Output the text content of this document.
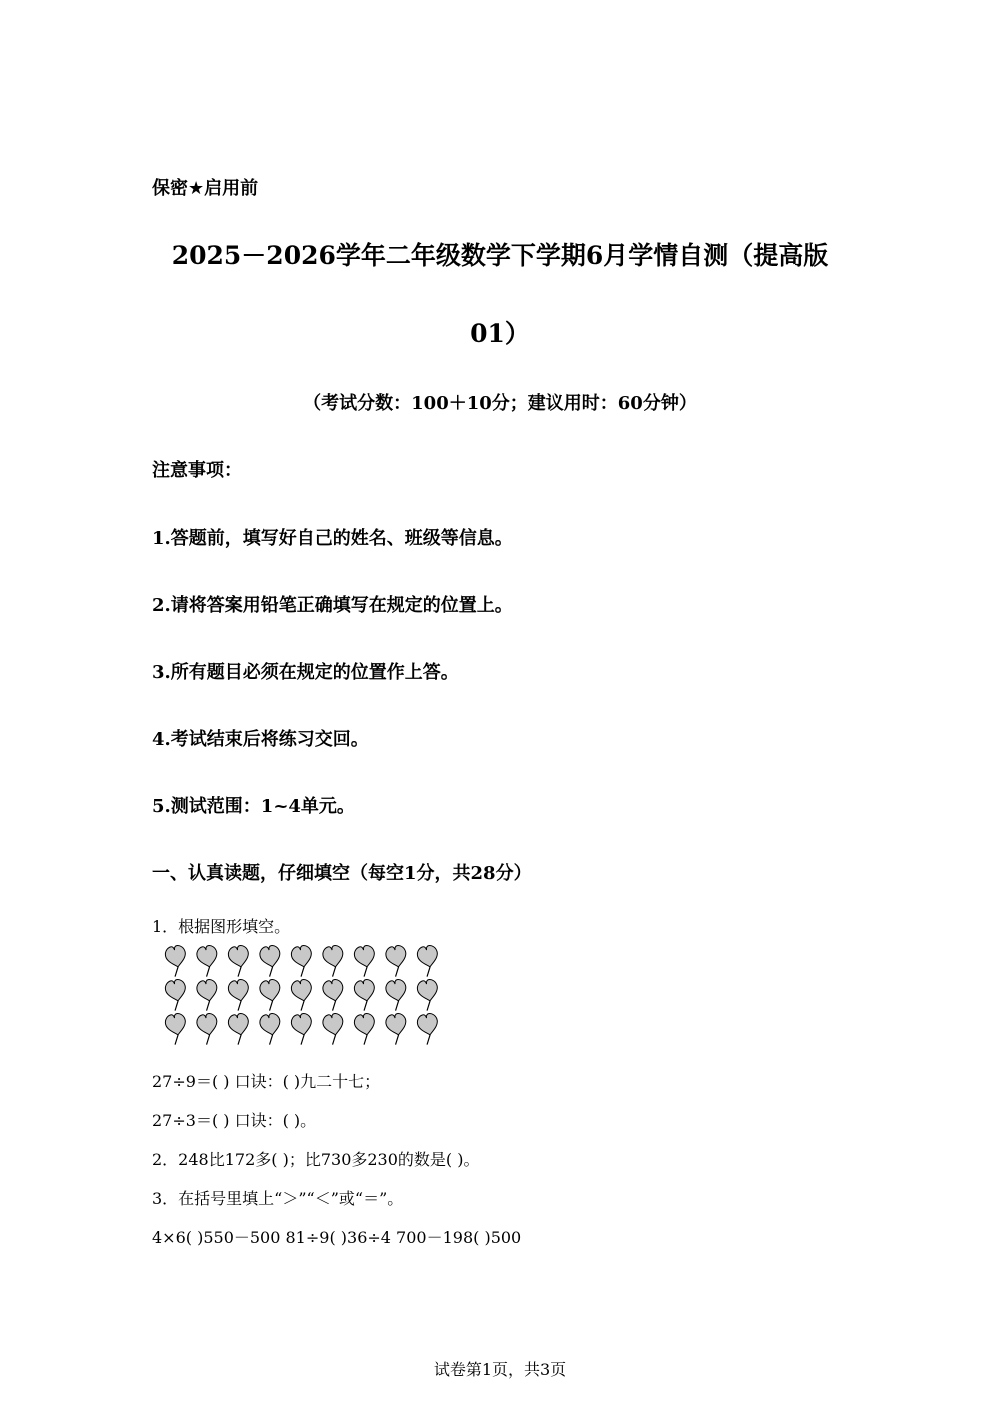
保密★启用前
2025－2026学年二年级数学下学期6月学情自测（提高版
01）
（考试分数：100＋10分；建议用时：60分钟）
注意事项：
1.答题前，填写好自己的姓名、班级等信息。
2.请将答案用铅笔正确填写在规定的位置上。
3.所有题目必须在规定的位置作上答。
4.考试结束后将练习交回。
5.测试范围：1~4单元。
一、认真读题，仔细填空（每空1分，共28分）
1．根据图形填空。
27÷9＝( ) 口诀：( )九二十七；
27÷3＝( ) 口诀：( )。
2．248比172多( )；比730多230的数是( )。
3．在括号里填上“＞”“＜”或“＝”。
4×6( )550－500 81÷9( )36÷4 700－198( )500
试卷第1页，共3页
